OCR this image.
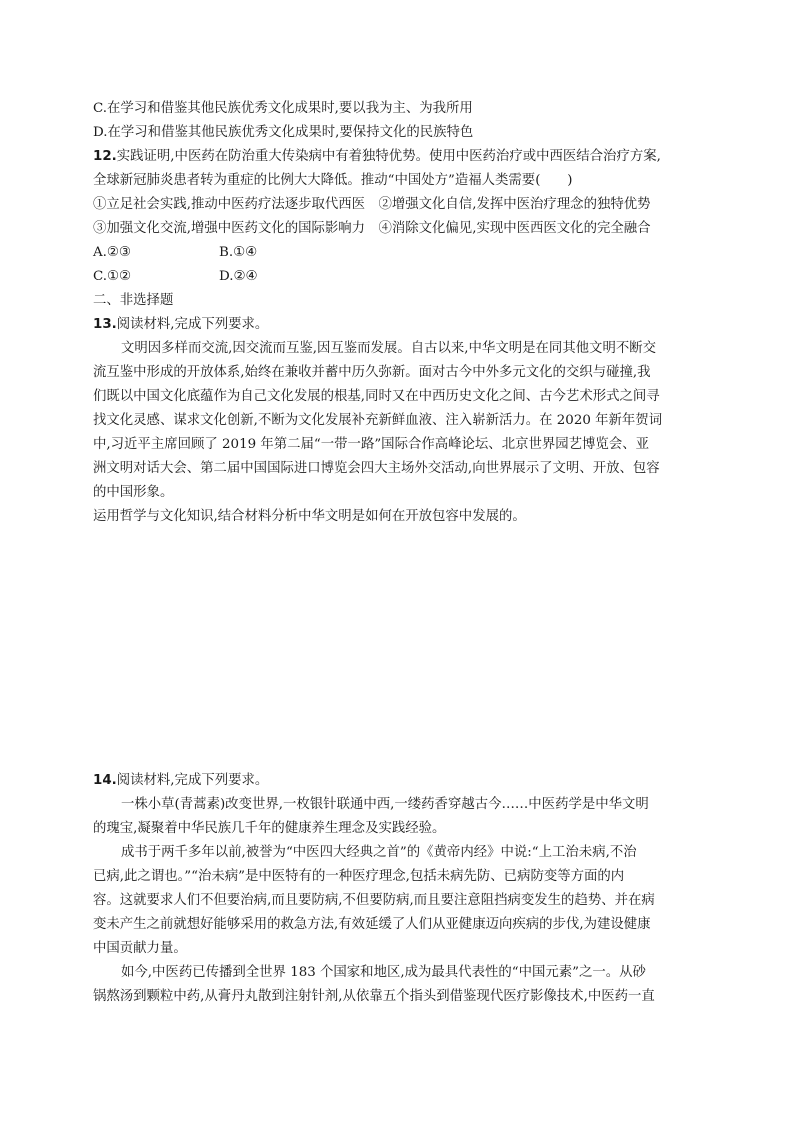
C.在学习和借鉴其他民族优秀文化成果时,要以我为主、为我所用
D.在学习和借鉴其他民族优秀文化成果时,要保持文化的民族特色
12.实践证明,中医药在防治重大传染病中有着独特优势。使用中医药治疗或中西医结合治疗方案,
全球新冠肺炎患者转为重症的比例大大降低。推动“中国处方”造福人类需要(　　)
①立足社会实践,推动中医药疗法逐步取代西医　②增强文化自信,发挥中医治疗理念的独特优势
③加强文化交流,增强中医药文化的国际影响力　④消除文化偏见,实现中医西医文化的完全融合
A.②③	B.①④
C.①②	D.②④
二、非选择题
13.阅读材料,完成下列要求。
文明因多样而交流,因交流而互鉴,因互鉴而发展。自古以来,中华文明是在同其他文明不断交
流互鉴中形成的开放体系,始终在兼收并蓄中历久弥新。面对古今中外多元文化的交织与碰撞,我
们既以中国文化底蕴作为自己文化发展的根基,同时又在中西历史文化之间、古今艺术形式之间寻
找文化灵感、谋求文化创新,不断为文化发展补充新鲜血液、注入崭新活力。在 2020 年新年贺词
中,习近平主席回顾了 2019 年第二届“一带一路”国际合作高峰论坛、北京世界园艺博览会、亚
洲文明对话大会、第二届中国国际进口博览会四大主场外交活动,向世界展示了文明、开放、包容
的中国形象。
运用哲学与文化知识,结合材料分析中华文明是如何在开放包容中发展的。
14.阅读材料,完成下列要求。
一株小草(青蒿素)改变世界,一枚银针联通中西,一缕药香穿越古今……中医药学是中华文明
的瑰宝,凝聚着中华民族几千年的健康养生理念及实践经验。
成书于两千多年以前,被誉为“中医四大经典之首”的《黄帝内经》中说:“上工治未病,不治
已病,此之谓也。”“治未病”是中医特有的一种医疗理念,包括未病先防、已病防变等方面的内
容。这就要求人们不但要治病,而且要防病,不但要防病,而且要注意阻挡病变发生的趋势、并在病
变未产生之前就想好能够采用的救急方法,有效延缓了人们从亚健康迈向疾病的步伐,为建设健康
中国贡献力量。
如今,中医药已传播到全世界 183 个国家和地区,成为最具代表性的“中国元素”之一。从砂
锅熬汤到颗粒中药,从膏丹丸散到注射针剂,从依靠五个指头到借鉴现代医疗影像技术,中医药一直
